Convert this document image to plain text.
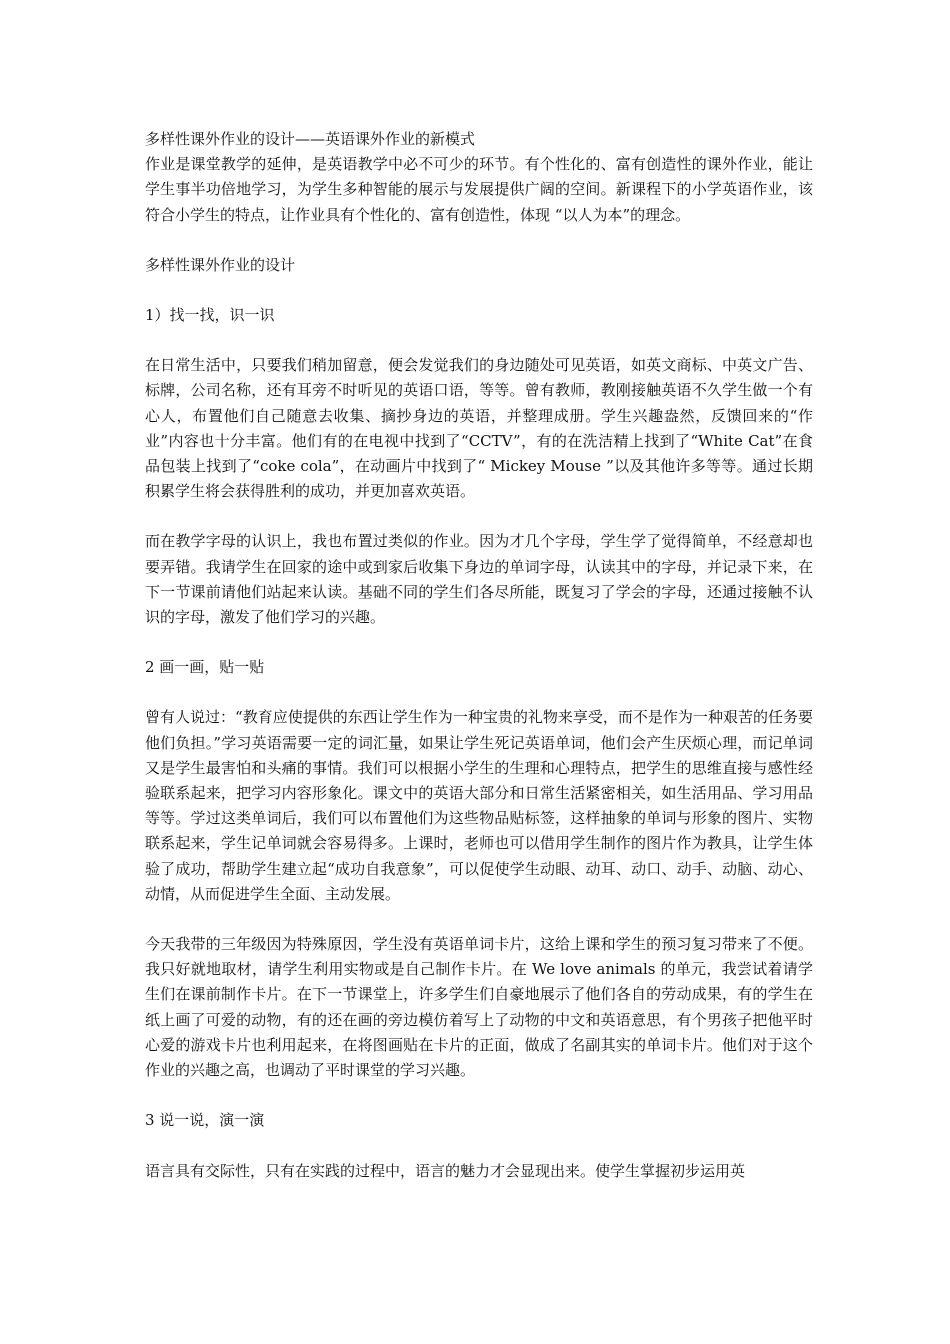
多样性课外作业的设计——英语课外作业的新模式

作业是课堂教学的延伸，是英语教学中必不可少的环节。有个性化的、富有创造性的课外作业，能让学生事半功倍地学习，为学生多种智能的展示与发展提供广阔的空间。新课程下的小学英语作业，该符合小学生的特点，让作业具有个性化的、富有创造性，体现 “以人为本”的理念。

多样性课外作业的设计

1）找一找，识一识

在日常生活中，只要我们稍加留意，便会发觉我们的身边随处可见英语，如英文商标、中英文广告、标牌，公司名称，还有耳旁不时听见的英语口语，等等。曾有教师，教刚接触英语不久学生做一个有心人，布置他们自己随意去收集、摘抄身边的英语，并整理成册。学生兴趣盎然，反馈回来的“作业”内容也十分丰富。他们有的在电视中找到了“CCTV”，有的在洗洁精上找到了“White Cat”在食品包装上找到了“coke cola”，在动画片中找到了“ Mickey Mouse ”以及其他许多等等。通过长期积累学生将会获得胜利的成功，并更加喜欢英语。

而在教学字母的认识上，我也布置过类似的作业。因为才几个字母，学生学了觉得简单，不经意却也要弄错。我请学生在回家的途中或到家后收集下身边的单词字母，认读其中的字母，并记录下来，在下一节课前请他们站起来认读。基础不同的学生们各尽所能，既复习了学会的字母，还通过接触不认识的字母，激发了他们学习的兴趣。

2 画一画，贴一贴

曾有人说过：“教育应使提供的东西让学生作为一种宝贵的礼物来享受，而不是作为一种艰苦的任务要他们负担。”学习英语需要一定的词汇量，如果让学生死记英语单词，他们会产生厌烦心理，而记单词又是学生最害怕和头痛的事情。我们可以根据小学生的生理和心理特点，把学生的思维直接与感性经验联系起来，把学习内容形象化。课文中的英语大部分和日常生活紧密相关，如生活用品、学习用品等等。学过这类单词后，我们可以布置他们为这些物品贴标签，这样抽象的单词与形象的图片、实物联系起来，学生记单词就会容易得多。上课时，老师也可以借用学生制作的图片作为教具，让学生体验了成功，帮助学生建立起“成功自我意象”，可以促使学生动眼、动耳、动口、动手、动脑、动心、动情，从而促进学生全面、主动发展。

今天我带的三年级因为特殊原因，学生没有英语单词卡片，这给上课和学生的预习复习带来了不便。我只好就地取材，请学生利用实物或是自己制作卡片。在 We love animals 的单元，我尝试着请学生们在课前制作卡片。在下一节课堂上，许多学生们自豪地展示了他们各自的劳动成果，有的学生在纸上画了可爱的动物，有的还在画的旁边模仿着写上了动物的中文和英语意思，有个男孩子把他平时心爱的游戏卡片也利用起来，在将图画贴在卡片的正面，做成了名副其实的单词卡片。他们对于这个作业的兴趣之高，也调动了平时课堂的学习兴趣。

3 说一说，演一演

语言具有交际性，只有在实践的过程中，语言的魅力才会显现出来。使学生掌握初步运用英
